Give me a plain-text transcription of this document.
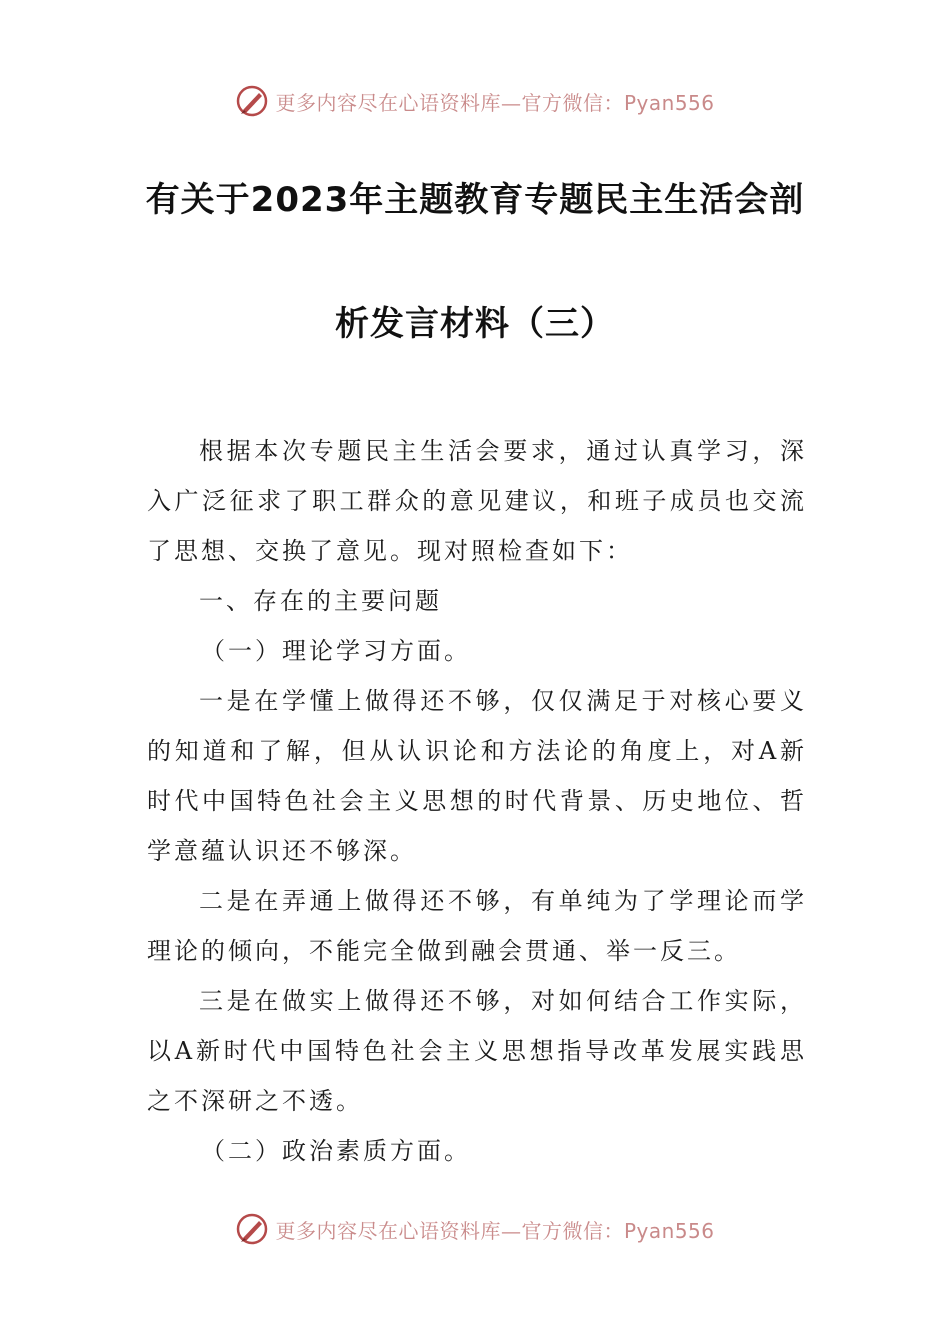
更多内容尽在心语资料库—官方微信：Pyan556
有关于2023年主题教育专题民主生活会剖
析发言材料（三）

根据本次专题民主生活会要求，通过认真学习，深入广泛征求了职工群众的意见建议，和班子成员也交流了思想、交换了意见。现对照检查如下：

一、存在的主要问题

（一）理论学习方面。

一是在学懂上做得还不够，仅仅满足于对核心要义的知道和了解，但从认识论和方法论的角度上，对A新时代中国特色社会主义思想的时代背景、历史地位、哲学意蕴认识还不够深。

二是在弄通上做得还不够，有单纯为了学理论而学理论的倾向，不能完全做到融会贯通、举一反三。

三是在做实上做得还不够，对如何结合工作实际，以A新时代中国特色社会主义思想指导改革发展实践思之不深研之不透。

（二）政治素质方面。

更多内容尽在心语资料库—官方微信：Pyan556
